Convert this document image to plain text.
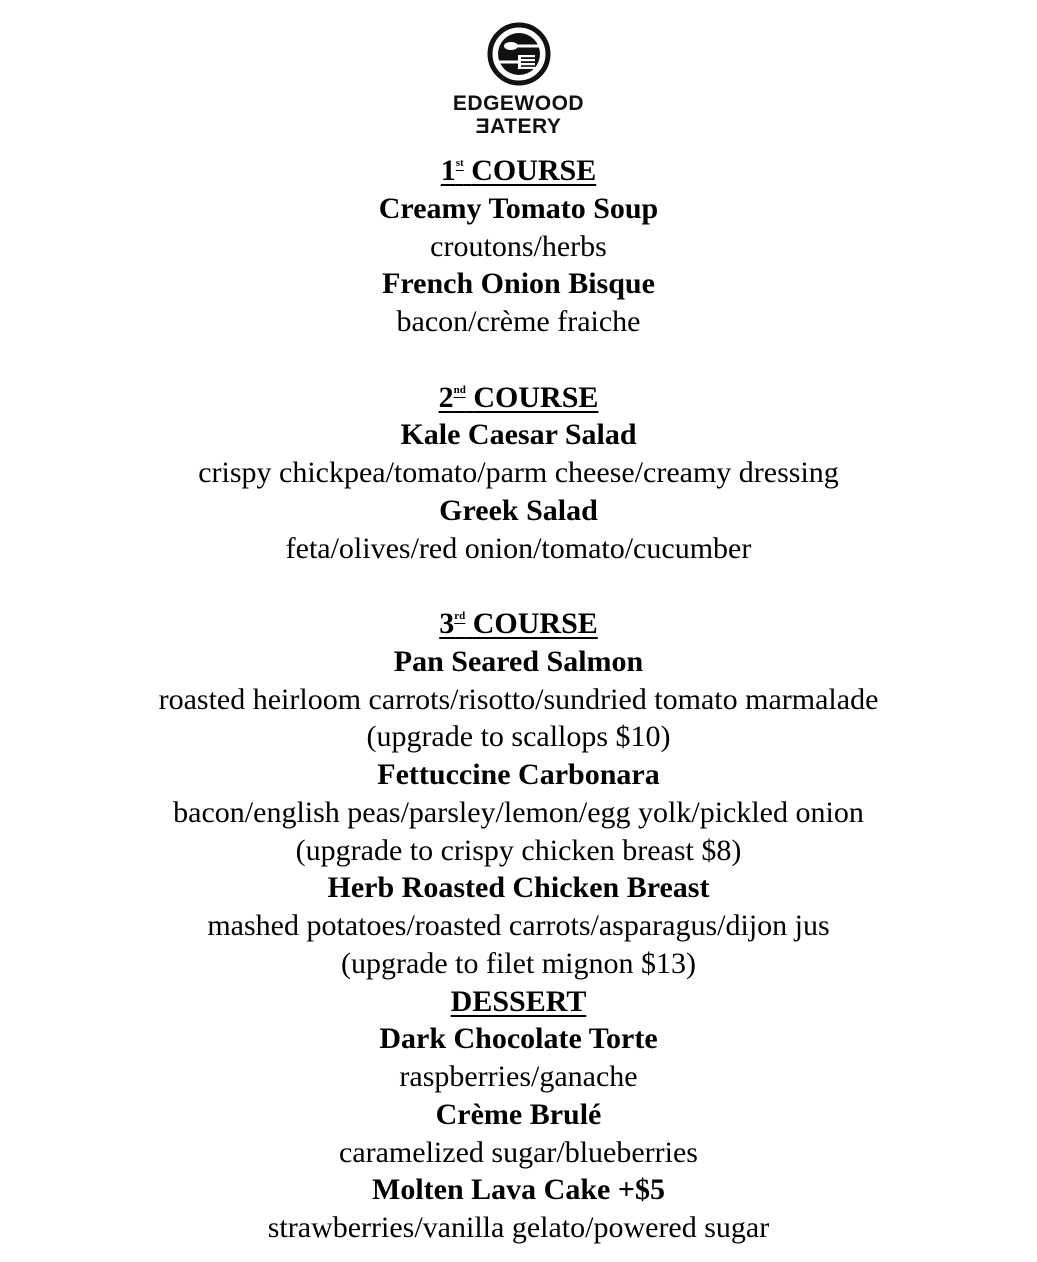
EDGEWOOD
ƎATERY
1st COURSE
Creamy Tomato Soup
croutons/herbs
French Onion Bisque
bacon/crème fraiche
2nd COURSE
Kale Caesar Salad
crispy chickpea/tomato/parm cheese/creamy dressing
Greek Salad
feta/olives/red onion/tomato/cucumber
3rd COURSE
Pan Seared Salmon
roasted heirloom carrots/risotto/sundried tomato marmalade
(upgrade to scallops $10)
Fettuccine Carbonara
bacon/english peas/parsley/lemon/egg yolk/pickled onion
(upgrade to crispy chicken breast $8)
Herb Roasted Chicken Breast
mashed potatoes/roasted carrots/asparagus/dijon jus
(upgrade to filet mignon $13)
DESSERT
Dark Chocolate Torte
raspberries/ganache
Crème Brulé
caramelized sugar/blueberries
Molten Lava Cake +$5
strawberries/vanilla gelato/powered sugar
